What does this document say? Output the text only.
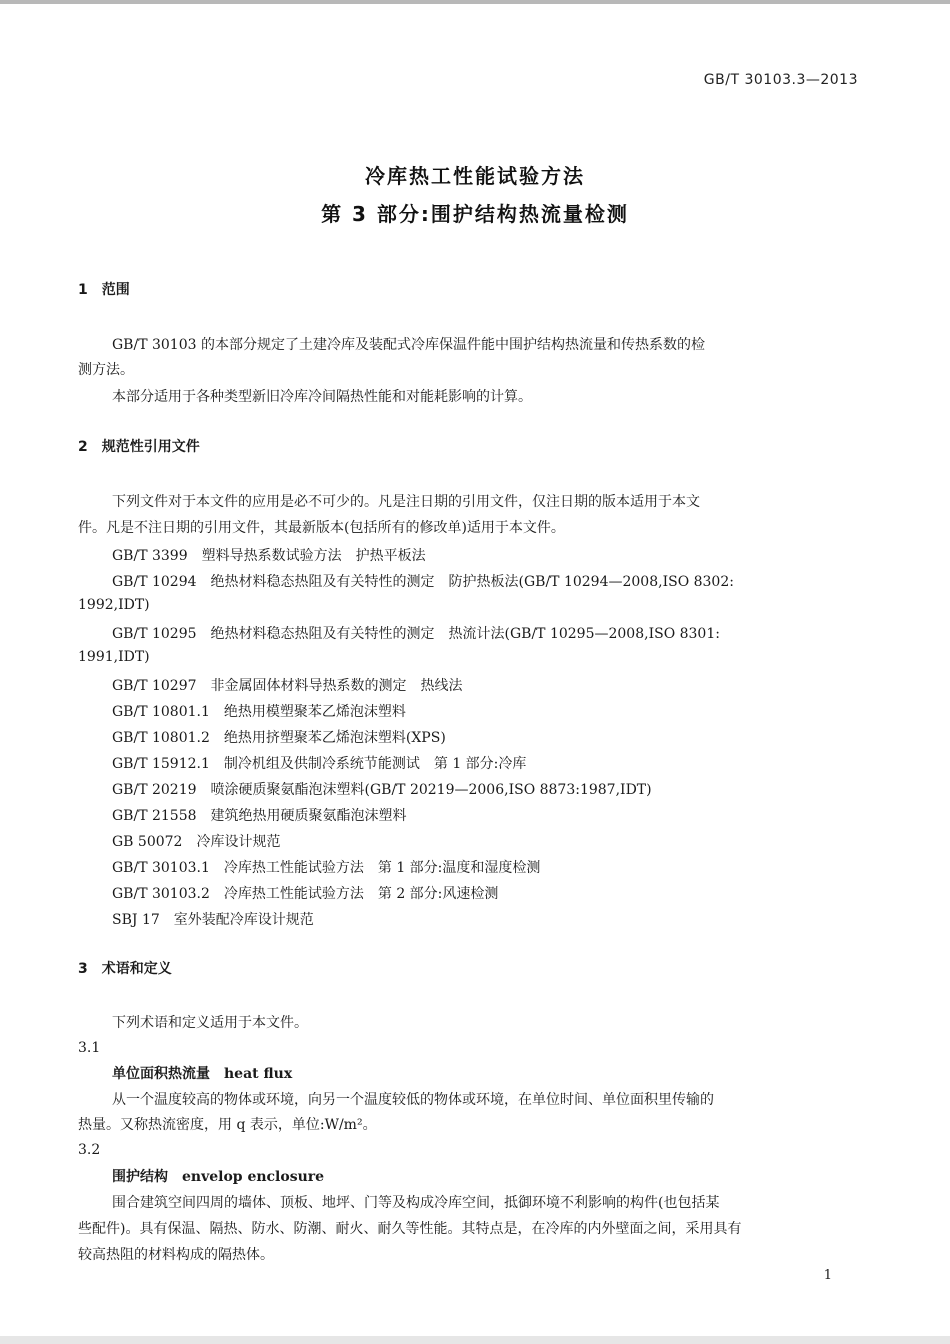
GB/T 30103.3—2013
冷库热工性能试验方法
第 3 部分:围护结构热流量检测
1　范围
GB/T 30103 的本部分规定了土建冷库及装配式冷库保温件能中围护结构热流量和传热系数的检
测方法。
本部分适用于各种类型新旧冷库冷间隔热性能和对能耗影响的计算。
2　规范性引用文件
下列文件对于本文件的应用是必不可少的。凡是注日期的引用文件，仅注日期的版本适用于本文
件。凡是不注日期的引用文件，其最新版本(包括所有的修改单)适用于本文件。
GB/T 3399 塑料导热系数试验方法　护热平板法
GB/T 10294 绝热材料稳态热阻及有关特性的测定　防护热板法(GB/T 10294—2008,ISO 8302:
1992,IDT)
GB/T 10295 绝热材料稳态热阻及有关特性的测定　热流计法(GB/T 10295—2008,ISO 8301:
1991,IDT)
GB/T 10297 非金属固体材料导热系数的测定　热线法
GB/T 10801.1 绝热用模塑聚苯乙烯泡沫塑料
GB/T 10801.2 绝热用挤塑聚苯乙烯泡沫塑料(XPS)
GB/T 15912.1 制冷机组及供制冷系统节能测试　第 1 部分:冷库
GB/T 20219 喷涂硬质聚氨酯泡沫塑料(GB/T 20219—2006,ISO 8873:1987,IDT)
GB/T 21558 建筑绝热用硬质聚氨酯泡沫塑料
GB 50072 冷库设计规范
GB/T 30103.1 冷库热工性能试验方法　第 1 部分:温度和湿度检测
GB/T 30103.2 冷库热工性能试验方法　第 2 部分:风速检测
SBJ 17 室外装配冷库设计规范
3　术语和定义
下列术语和定义适用于本文件。
3.1
单位面积热流量 heat flux
从一个温度较高的物体或环境，向另一个温度较低的物体或环境，在单位时间、单位面积里传输的
热量。又称热流密度，用 q 表示，单位:W/m²。
3.2
围护结构 envelop enclosure
围合建筑空间四周的墙体、顶板、地坪、门等及构成冷库空间，抵御环境不利影响的构件(也包括某
些配件)。具有保温、隔热、防水、防潮、耐火、耐久等性能。其特点是，在冷库的内外壁面之间，采用具有
较高热阻的材料构成的隔热体。
1
